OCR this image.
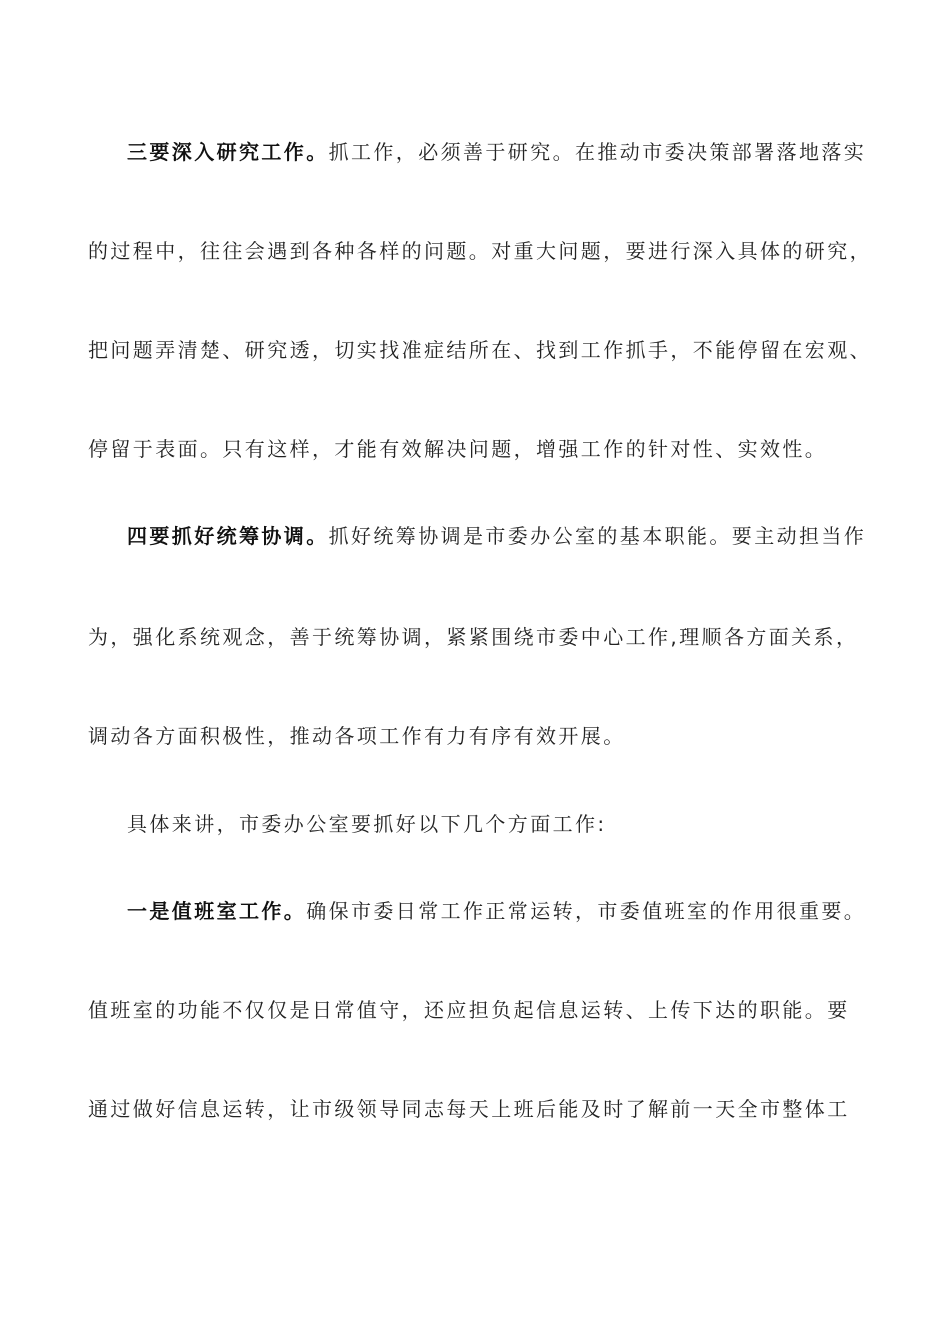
三要深入研究工作。抓工作，必须善于研究。在推动市委决策部署落地落实
的过程中，往往会遇到各种各样的问题。对重大问题，要进行深入具体的研究，
把问题弄清楚、研究透，切实找准症结所在、找到工作抓手，不能停留在宏观、
停留于表面。只有这样，才能有效解决问题，增强工作的针对性、实效性。
四要抓好统筹协调。抓好统筹协调是市委办公室的基本职能。要主动担当作
为，强化系统观念，善于统筹协调，紧紧围绕市委中心工作,理顺各方面关系，
调动各方面积极性，推动各项工作有力有序有效开展。
具体来讲，市委办公室要抓好以下几个方面工作:
一是值班室工作。确保市委日常工作正常运转，市委值班室的作用很重要。
值班室的功能不仅仅是日常值守，还应担负起信息运转、上传下达的职能。要
通过做好信息运转，让市级领导同志每天上班后能及时了解前一天全市整体工
